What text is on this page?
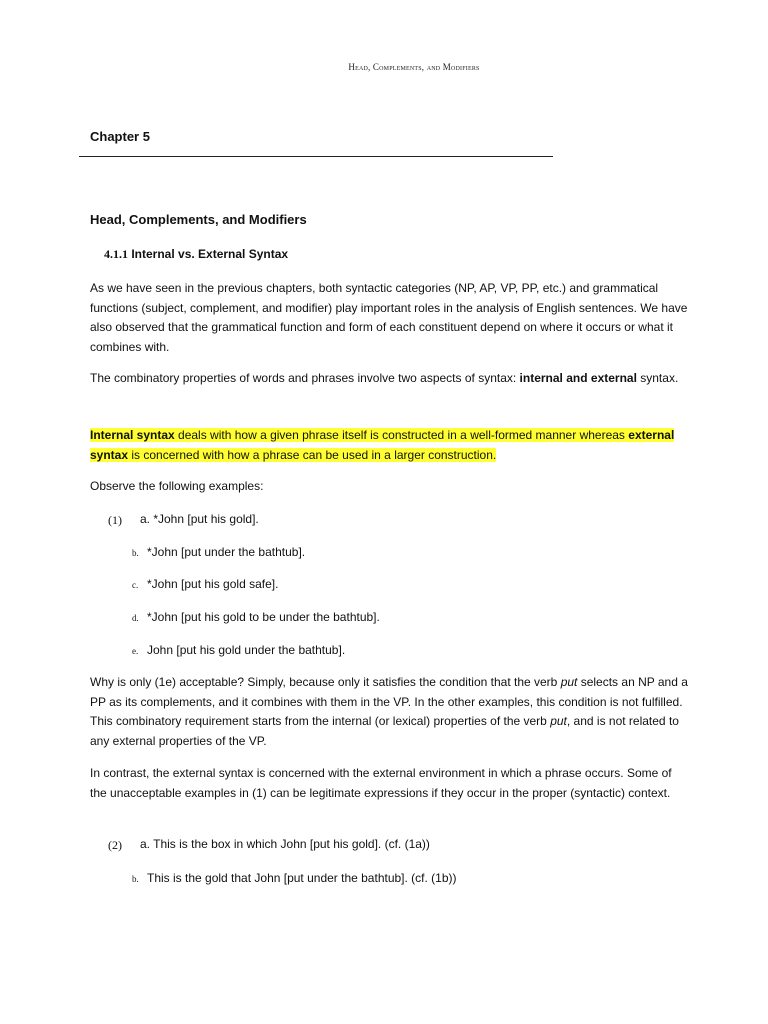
Head, Complements, and Modifiers
Chapter 5
Head, Complements, and Modifiers
4.1.1 Internal vs. External Syntax

As we have seen in the previous chapters, both syntactic categories (NP, AP, VP, PP, etc.) and grammatical functions (subject, complement, and modifier) play important roles in the analysis of English sentences. We have also observed that the grammatical function and form of each constituent depend on where it occurs or what it combines with.

The combinatory properties of words and phrases involve two aspects of syntax: internal and external syntax.

Internal syntax deals with how a given phrase itself is constructed in a well-formed manner whereas external syntax is concerned with how a phrase can be used in a larger construction.

Observe the following examples:

(1) a. *John [put his gold].
b. *John [put under the bathtub].
c. *John [put his gold safe].
d. *John [put his gold to be under the bathtub].
e. John [put his gold under the bathtub].

Why is only (1e) acceptable? Simply, because only it satisfies the condition that the verb put selects an NP and a PP as its complements, and it combines with them in the VP. In the other examples, this condition is not fulfilled. This combinatory requirement starts from the internal (or lexical) properties of the verb put, and is not related to any external properties of the VP.

In contrast, the external syntax is concerned with the external environment in which a phrase occurs. Some of the unacceptable examples in (1) can be legitimate expressions if they occur in the proper (syntactic) context.

(2) a. This is the box in which John [put his gold]. (cf. (1a))
b. This is the gold that John [put under the bathtub]. (cf. (1b))
